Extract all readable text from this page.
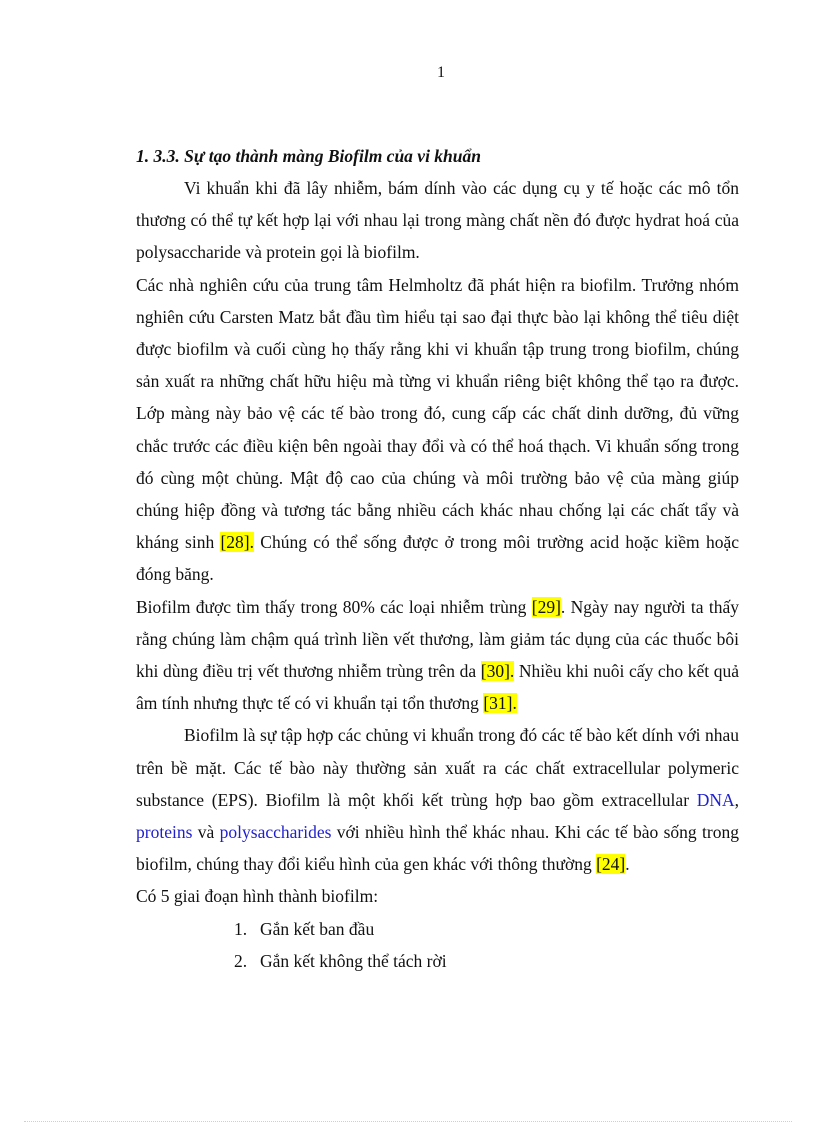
1
1. 3.3. Sự tạo thành màng Biofilm của vi khuẩn

Vi khuẩn khi đã lây nhiễm, bám dính vào các dụng cụ y tế hoặc các mô tổn thương có thể tự kết hợp lại với nhau lại trong màng chất nền đó được hydrat hoá của polysaccharide và protein gọi là biofilm.

Các nhà nghiên cứu của trung tâm Helmholtz đã phát hiện ra biofilm. Trưởng nhóm nghiên cứu Carsten Matz bắt đầu tìm hiểu tại sao đại thực bào lại không thể tiêu diệt được biofilm và cuối cùng họ thấy rằng khi vi khuẩn tập trung trong biofilm, chúng sản xuất ra những chất hữu hiệu mà từng vi khuẩn riêng biệt không thể tạo ra được. Lớp màng này bảo vệ các tế bào trong đó, cung cấp các chất dinh dưỡng, đủ vững chắc trước các điều kiện bên ngoài thay đổi và có thể hoá thạch. Vi khuẩn sống trong đó cùng một chủng. Mật độ cao của chúng và môi trường bảo vệ của màng giúp chúng hiệp đồng và tương tác bằng nhiều cách khác nhau chống lại các chất tẩy và kháng sinh [28]. Chúng có thể sống được ở trong môi trường acid hoặc kiềm hoặc đóng băng.

Biofilm được tìm thấy trong 80% các loại nhiễm trùng [29]. Ngày nay người ta thấy rằng chúng làm chậm quá trình liền vết thương, làm giảm tác dụng của các thuốc bôi khi dùng điều trị vết thương nhiễm trùng trên da [30]. Nhiều khi nuôi cấy cho kết quả âm tính nhưng thực tế có vi khuẩn tại tổn thương [31].

Biofilm là sự tập hợp các chủng vi khuẩn trong đó các tế bào kết dính với nhau trên bề mặt. Các tế bào này thường sản xuất ra các chất extracellular polymeric substance (EPS). Biofilm là một khối kết trùng hợp bao gồm extracellular DNA, proteins và polysaccharides với nhiều hình thể khác nhau. Khi các tế bào sống trong biofilm, chúng thay đổi kiểu hình của gen khác với thông thường [24].

Có 5 giai đoạn hình thành biofilm:

1. Gắn kết ban đầu
2. Gắn kết không thể tách rời
